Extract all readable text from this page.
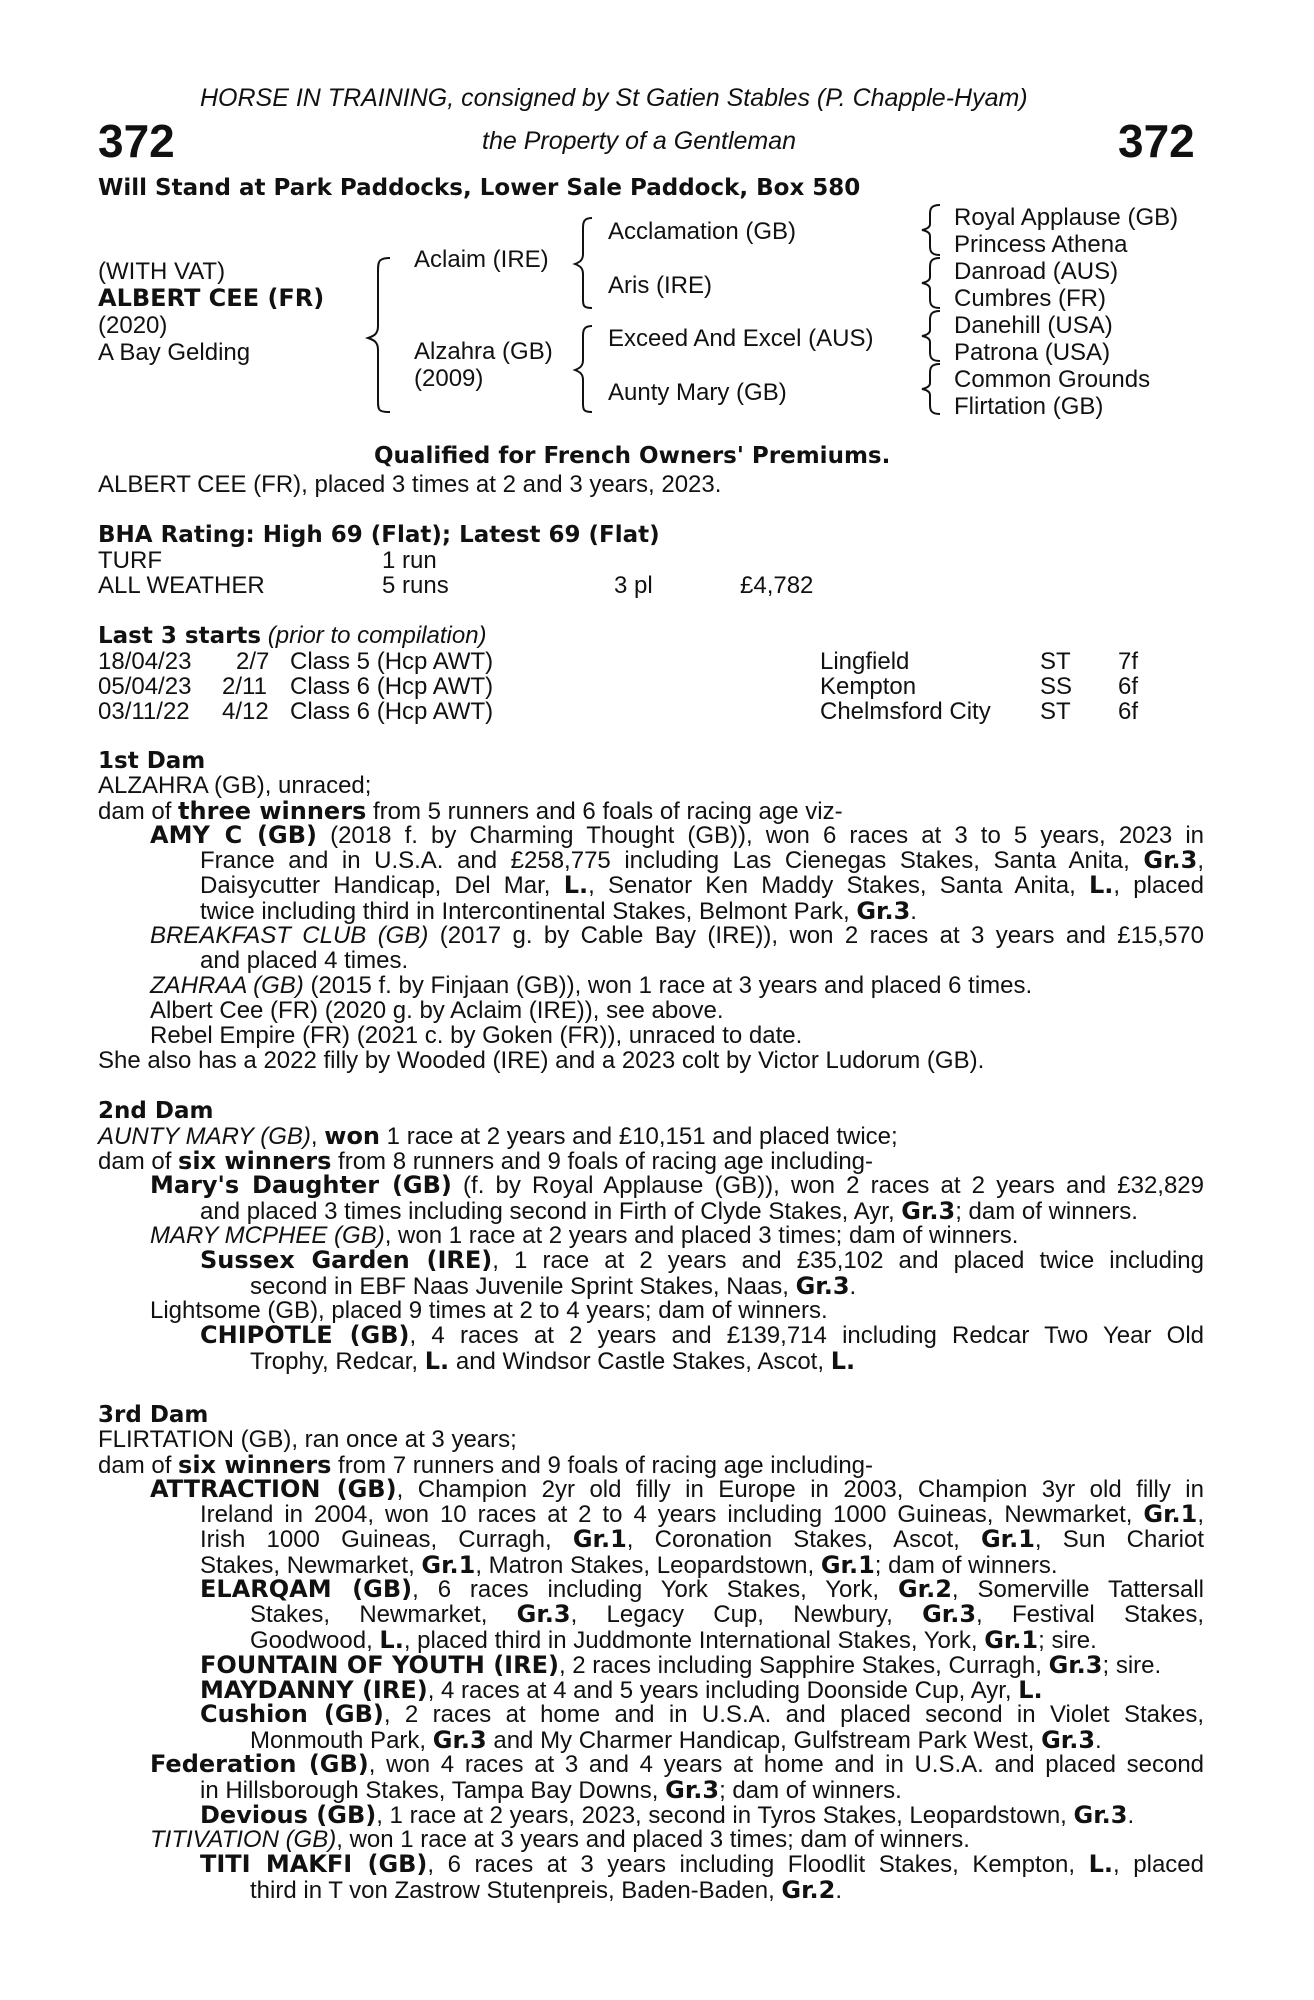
HORSE IN TRAINING, consigned by St Gatien Stables (P. Chapple-Hyam)
372	the Property of a Gentleman	372
Will Stand at Park Paddocks, Lower Sale Paddock, Box 580
(WITH VAT)
ALBERT CEE (FR)
(2020)
A Bay Gelding
Aclaim (IRE)
Alzahra (GB)
(2009)
Acclamation (GB)
Aris (IRE)
Exceed And Excel (AUS)
Aunty Mary (GB)
Royal Applause (GB)
Princess Athena
Danroad (AUS)
Cumbres (FR)
Danehill (USA)
Patrona (USA)
Common Grounds
Flirtation (GB)
Qualified for French Owners' Premiums.
ALBERT CEE (FR), placed 3 times at 2 and 3 years, 2023.
BHA Rating: High 69 (Flat); Latest 69 (Flat)
TURF	1 run
ALL WEATHER	5 runs	3 pl	£4,782
Last 3 starts (prior to compilation)
18/04/23 2/7 Class 5 (Hcp AWT)	Lingfield	ST 7f
05/04/23 2/11 Class 6 (Hcp AWT)	Kempton	SS 6f
03/11/22 4/12 Class 6 (Hcp AWT)	Chelmsford City ST 6f
1st Dam
ALZAHRA (GB), unraced;
dam of three winners from 5 runners and 6 foals of racing age viz-
AMY C (GB) (2018 f. by Charming Thought (GB)), won 6 races at 3 to 5 years, 2023 in
France and in U.S.A. and £258,775 including Las Cienegas Stakes, Santa Anita, Gr.3,
Daisycutter Handicap, Del Mar, L., Senator Ken Maddy Stakes, Santa Anita, L., placed
twice including third in Intercontinental Stakes, Belmont Park, Gr.3.
BREAKFAST CLUB (GB) (2017 g. by Cable Bay (IRE)), won 2 races at 3 years and £15,570
and placed 4 times.
ZAHRAA (GB) (2015 f. by Finjaan (GB)), won 1 race at 3 years and placed 6 times.
Albert Cee (FR) (2020 g. by Aclaim (IRE)), see above.
Rebel Empire (FR) (2021 c. by Goken (FR)), unraced to date.
She also has a 2022 filly by Wooded (IRE) and a 2023 colt by Victor Ludorum (GB).
2nd Dam
AUNTY MARY (GB), won 1 race at 2 years and £10,151 and placed twice;
dam of six winners from 8 runners and 9 foals of racing age including-
Mary's Daughter (GB) (f. by Royal Applause (GB)), won 2 races at 2 years and £32,829
and placed 3 times including second in Firth of Clyde Stakes, Ayr, Gr.3; dam of winners.
MARY MCPHEE (GB), won 1 race at 2 years and placed 3 times; dam of winners.
Sussex Garden (IRE), 1 race at 2 years and £35,102 and placed twice including
second in EBF Naas Juvenile Sprint Stakes, Naas, Gr.3.
Lightsome (GB), placed 9 times at 2 to 4 years; dam of winners.
CHIPOTLE (GB), 4 races at 2 years and £139,714 including Redcar Two Year Old
Trophy, Redcar, L. and Windsor Castle Stakes, Ascot, L.
3rd Dam
FLIRTATION (GB), ran once at 3 years;
dam of six winners from 7 runners and 9 foals of racing age including-
ATTRACTION (GB), Champion 2yr old filly in Europe in 2003, Champion 3yr old filly in
Ireland in 2004, won 10 races at 2 to 4 years including 1000 Guineas, Newmarket, Gr.1,
Irish 1000 Guineas, Curragh, Gr.1, Coronation Stakes, Ascot, Gr.1, Sun Chariot
Stakes, Newmarket, Gr.1, Matron Stakes, Leopardstown, Gr.1; dam of winners.
ELARQAM (GB), 6 races including York Stakes, York, Gr.2, Somerville Tattersall
Stakes, Newmarket, Gr.3, Legacy Cup, Newbury, Gr.3, Festival Stakes,
Goodwood, L., placed third in Juddmonte International Stakes, York, Gr.1; sire.
FOUNTAIN OF YOUTH (IRE), 2 races including Sapphire Stakes, Curragh, Gr.3; sire.
MAYDANNY (IRE), 4 races at 4 and 5 years including Doonside Cup, Ayr, L.
Cushion (GB), 2 races at home and in U.S.A. and placed second in Violet Stakes,
Monmouth Park, Gr.3 and My Charmer Handicap, Gulfstream Park West, Gr.3.
Federation (GB), won 4 races at 3 and 4 years at home and in U.S.A. and placed second
in Hillsborough Stakes, Tampa Bay Downs, Gr.3; dam of winners.
Devious (GB), 1 race at 2 years, 2023, second in Tyros Stakes, Leopardstown, Gr.3.
TITIVATION (GB), won 1 race at 3 years and placed 3 times; dam of winners.
TITI MAKFI (GB), 6 races at 3 years including Floodlit Stakes, Kempton, L., placed
third in T von Zastrow Stutenpreis, Baden-Baden, Gr.2.
